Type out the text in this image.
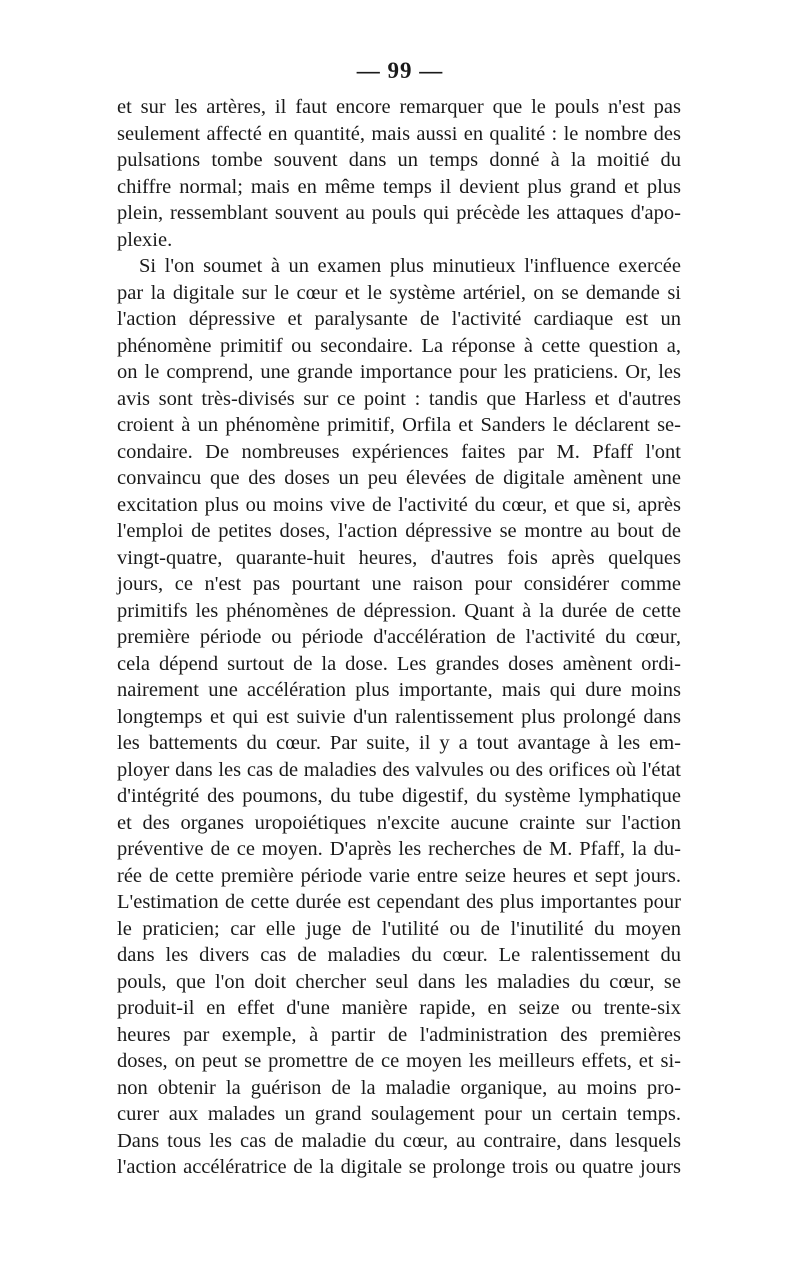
— 99 —
et sur les artères, il faut encore remarquer que le pouls n'est pas
seulement affecté en quantité, mais aussi en qualité : le nombre des
pulsations tombe souvent dans un temps donné à la moitié du
chiffre normal; mais en même temps il devient plus grand et plus
plein, ressemblant souvent au pouls qui précède les attaques d'apo-
plexie.
Si l'on soumet à un examen plus minutieux l'influence exercée
par la digitale sur le cœur et le système artériel, on se demande si
l'action dépressive et paralysante de l'activité cardiaque est un
phénomène primitif ou secondaire. La réponse à cette question a,
on le comprend, une grande importance pour les praticiens. Or, les
avis sont très-divisés sur ce point : tandis que Harless et d'autres
croient à un phénomène primitif, Orfila et Sanders le déclarent se-
condaire. De nombreuses expériences faites par M. Pfaff l'ont
convaincu que des doses un peu élevées de digitale amènent une
excitation plus ou moins vive de l'activité du cœur, et que si, après
l'emploi de petites doses, l'action dépressive se montre au bout de
vingt-quatre, quarante-huit heures, d'autres fois après quelques
jours, ce n'est pas pourtant une raison pour considérer comme
primitifs les phénomènes de dépression. Quant à la durée de cette
première période ou période d'accélération de l'activité du cœur,
cela dépend surtout de la dose. Les grandes doses amènent ordi-
nairement une accélération plus importante, mais qui dure moins
longtemps et qui est suivie d'un ralentissement plus prolongé dans
les battements du cœur. Par suite, il y a tout avantage à les em-
ployer dans les cas de maladies des valvules ou des orifices où l'état
d'intégrité des poumons, du tube digestif, du système lymphatique
et des organes uropoiétiques n'excite aucune crainte sur l'action
préventive de ce moyen. D'après les recherches de M. Pfaff, la du-
rée de cette première période varie entre seize heures et sept jours.
L'estimation de cette durée est cependant des plus importantes pour
le praticien; car elle juge de l'utilité ou de l'inutilité du moyen
dans les divers cas de maladies du cœur. Le ralentissement du
pouls, que l'on doit chercher seul dans les maladies du cœur, se
produit-il en effet d'une manière rapide, en seize ou trente-six
heures par exemple, à partir de l'administration des premières
doses, on peut se promettre de ce moyen les meilleurs effets, et si-
non obtenir la guérison de la maladie organique, au moins pro-
curer aux malades un grand soulagement pour un certain temps.
Dans tous les cas de maladie du cœur, au contraire, dans lesquels
l'action accélératrice de la digitale se prolonge trois ou quatre jours
